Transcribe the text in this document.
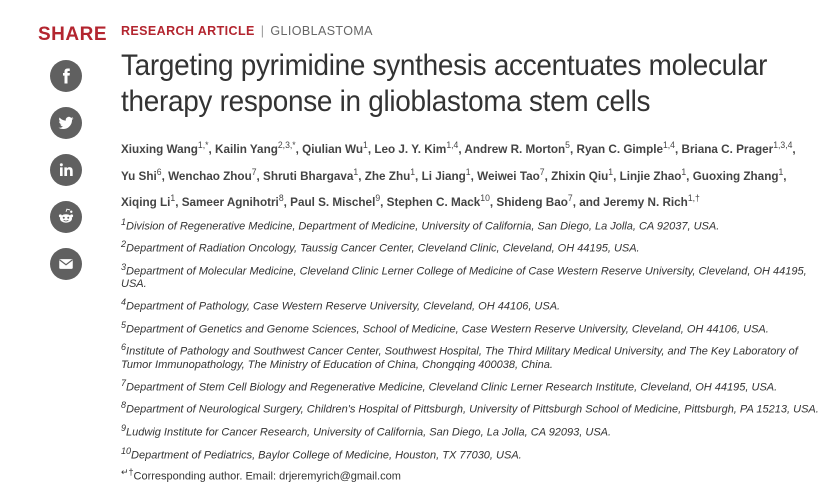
SHARE RESEARCH ARTICLE | GLIOBLASTOMA
Targeting pyrimidine synthesis accentuates molecular
therapy response in glioblastoma stem cells
Xiuxing Wang$^{1,*}$, Kailin Yang$^{2,3,*}$, Qiulian Wu$^1$, Leo J. Y. Kim$^{1,4}$, Andrew R. Morton$^5$, Ryan C. Gimple$^{1,4}$, Briana C. Prager$^{1,3,4}$, Yu Shi$^6$, Wenchao Zhou$^7$, Shruti Bhargava$^1$, Zhe Zhu$^1$, Li Jiang$^1$, Weiwei Tao$^7$, Zhixin Qiu$^1$, Linjie Zhao$^1$, Guoxing Zhang$^1$, Xiqing Li$^1$, Sameer Agnihotri$^8$, Paul S. Mischel$^9$, Stephen C. Mack$^{10}$, Shideng Bao$^7$, and Jeremy N. Rich$^{1,\dagger}$
$^1$Division of Regenerative Medicine, Department of Medicine, University of California, San Diego, La Jolla, CA 92037, USA.
$^2$Department of Radiation Oncology, Taussig Cancer Center, Cleveland Clinic, Cleveland, OH 44195, USA.
$^3$Department of Molecular Medicine, Cleveland Clinic Lerner College of Medicine of Case Western Reserve University, Cleveland, OH 44195, USA.
$^4$Department of Pathology, Case Western Reserve University, Cleveland, OH 44106, USA.
$^5$Department of Genetics and Genome Sciences, School of Medicine, Case Western Reserve University, Cleveland, OH 44106, USA.
$^6$Institute of Pathology and Southwest Cancer Center, Southwest Hospital, The Third Military Medical University, and The Key Laboratory of Tumor Immunopathology, The Ministry of Education of China, Chongqing 400038, China.
$^7$Department of Stem Cell Biology and Regenerative Medicine, Cleveland Clinic Lerner Research Institute, Cleveland, OH 44195, USA.
$^8$Department of Neurological Surgery, Children's Hospital of Pittsburgh, University of Pittsburgh School of Medicine, Pittsburgh, PA 15213, USA.
$^9$Ludwig Institute for Cancer Research, University of California, San Diego, La Jolla, CA 92093, USA.
$^{10}$Department of Pediatrics, Baylor College of Medicine, Houston, TX 77030, USA.
↵†Corresponding author. Email: drjeremyrich@gmail.com
